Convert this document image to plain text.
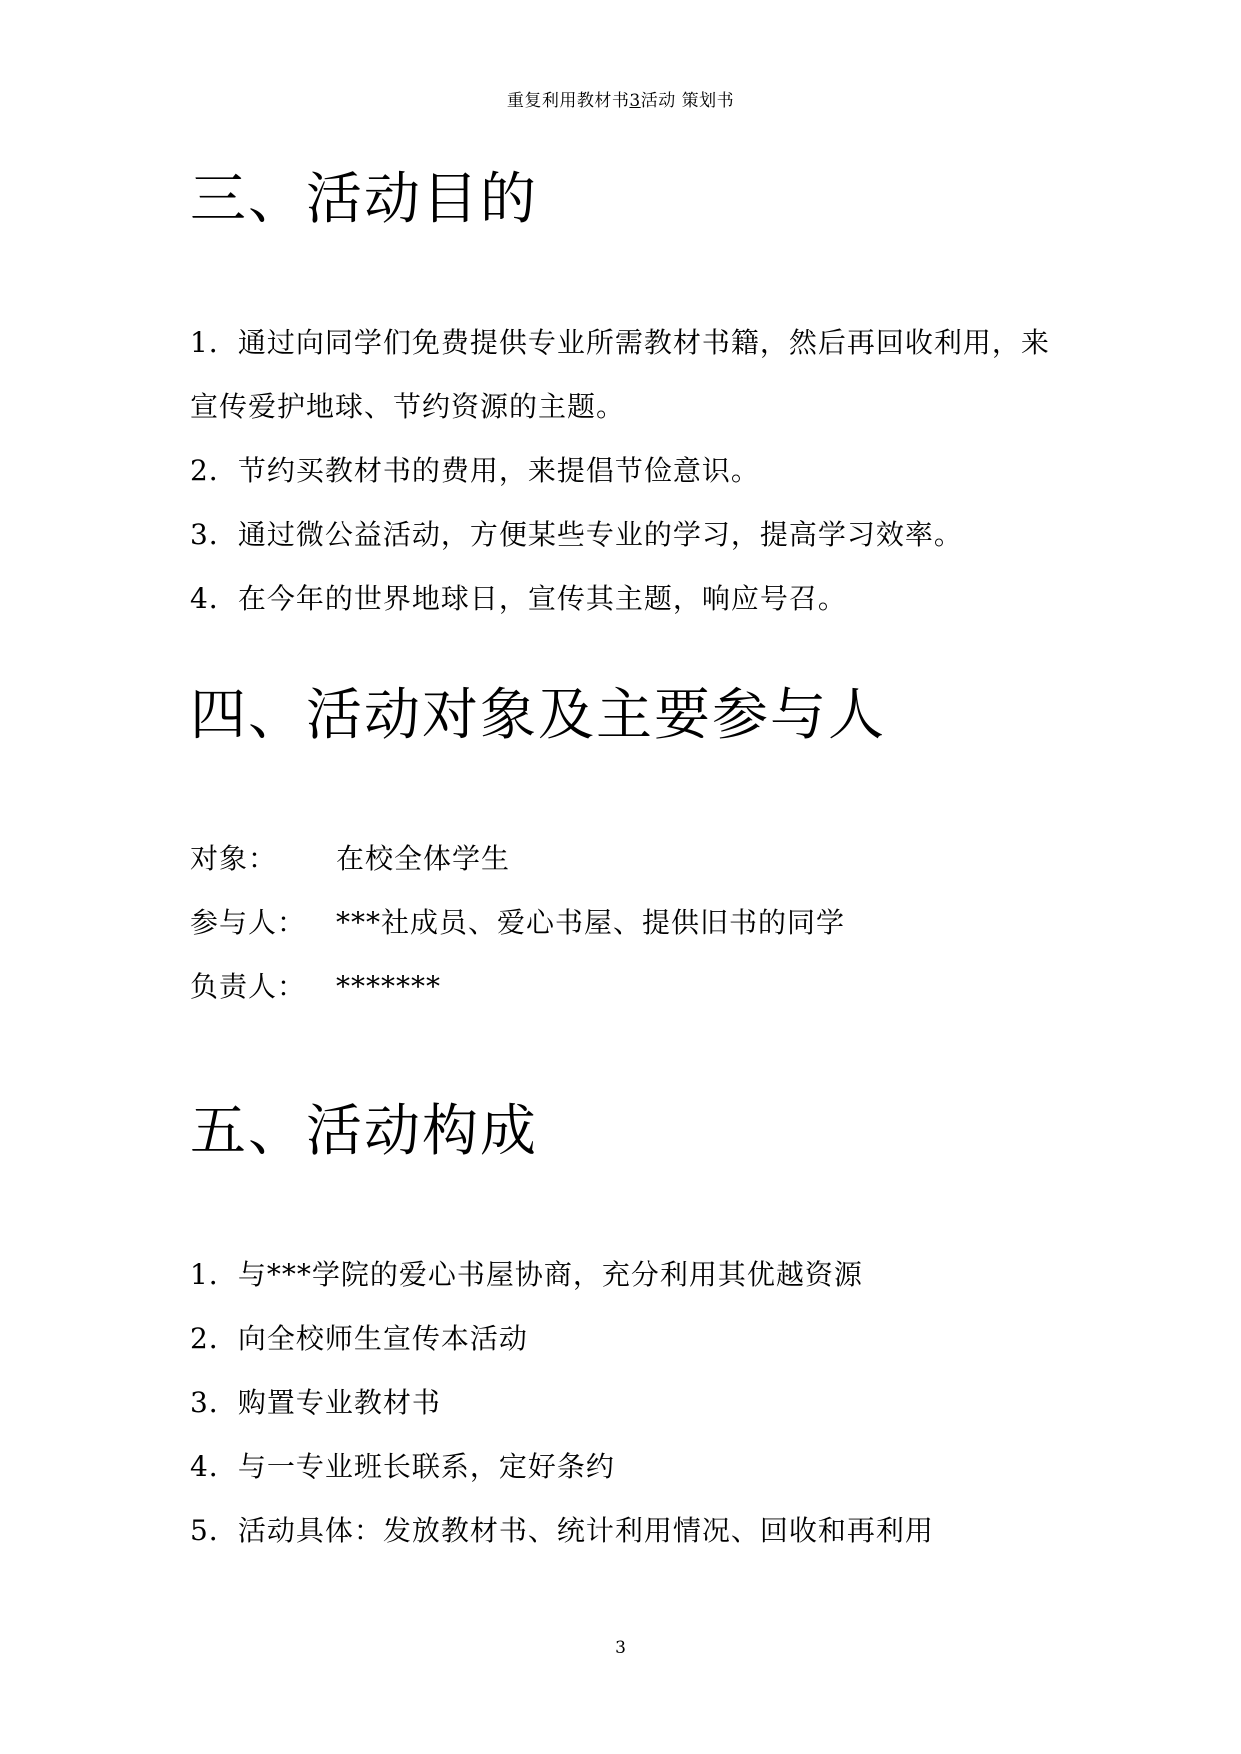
重复利用教材书3活动 策划书
三、活动目的

1．通过向同学们免费提供专业所需教材书籍，然后再回收利用，来

宣传爱护地球、节约资源的主题。

2．节约买教材书的费用，来提倡节俭意识。

3．通过微公益活动，方便某些专业的学习，提高学习效率。

4．在今年的世界地球日，宣传其主题，响应号召。

四、活动对象及主要参与人

对象： 在校全体学生

参与人： ***社成员、爱心书屋、提供旧书的同学

负责人： *******

五、活动构成

1．与***学院的爱心书屋协商，充分利用其优越资源

2．向全校师生宣传本活动

3．购置专业教材书

4．与一专业班长联系，定好条约

5．活动具体：发放教材书、统计利用情况、回收和再利用

3
